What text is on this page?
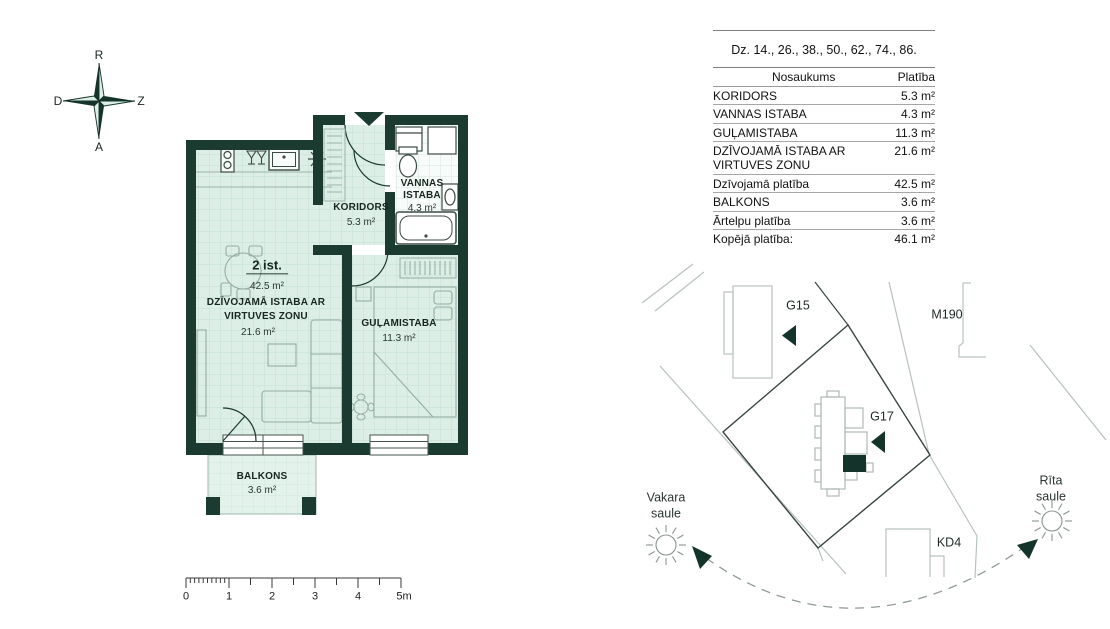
R
Z
A
D
2 ist.
42.5 m²
KORIDORS
5.3 m²
VANNAS
ISTABA
4.3 m²
DZĪVOJAMĀ ISTABA AR
VIRTUVES ZONU
21.6 m²
GUĻAMISTABA
11.3 m²
BALKONS
3.6 m²
0	1	2	3	4	5m
G15
M190
G17
KD4
Vakara
saule
Rīta
saule
Dz. 14., 26., 38., 50., 62., 74., 86.
Nosaukums	Platība
KORIDORS	5.3 m²
VANNAS ISTABA	4.3 m²
GUĻAMISTABA	11.3 m²
DZĪVOJAMĀ ISTABA AR VIRTUVES ZONU	21.6 m²
Dzīvojamā platība	42.5 m²
BALKONS	3.6 m²
Ārtelpu platība	3.6 m²
Kopējā platība:	46.1 m²
